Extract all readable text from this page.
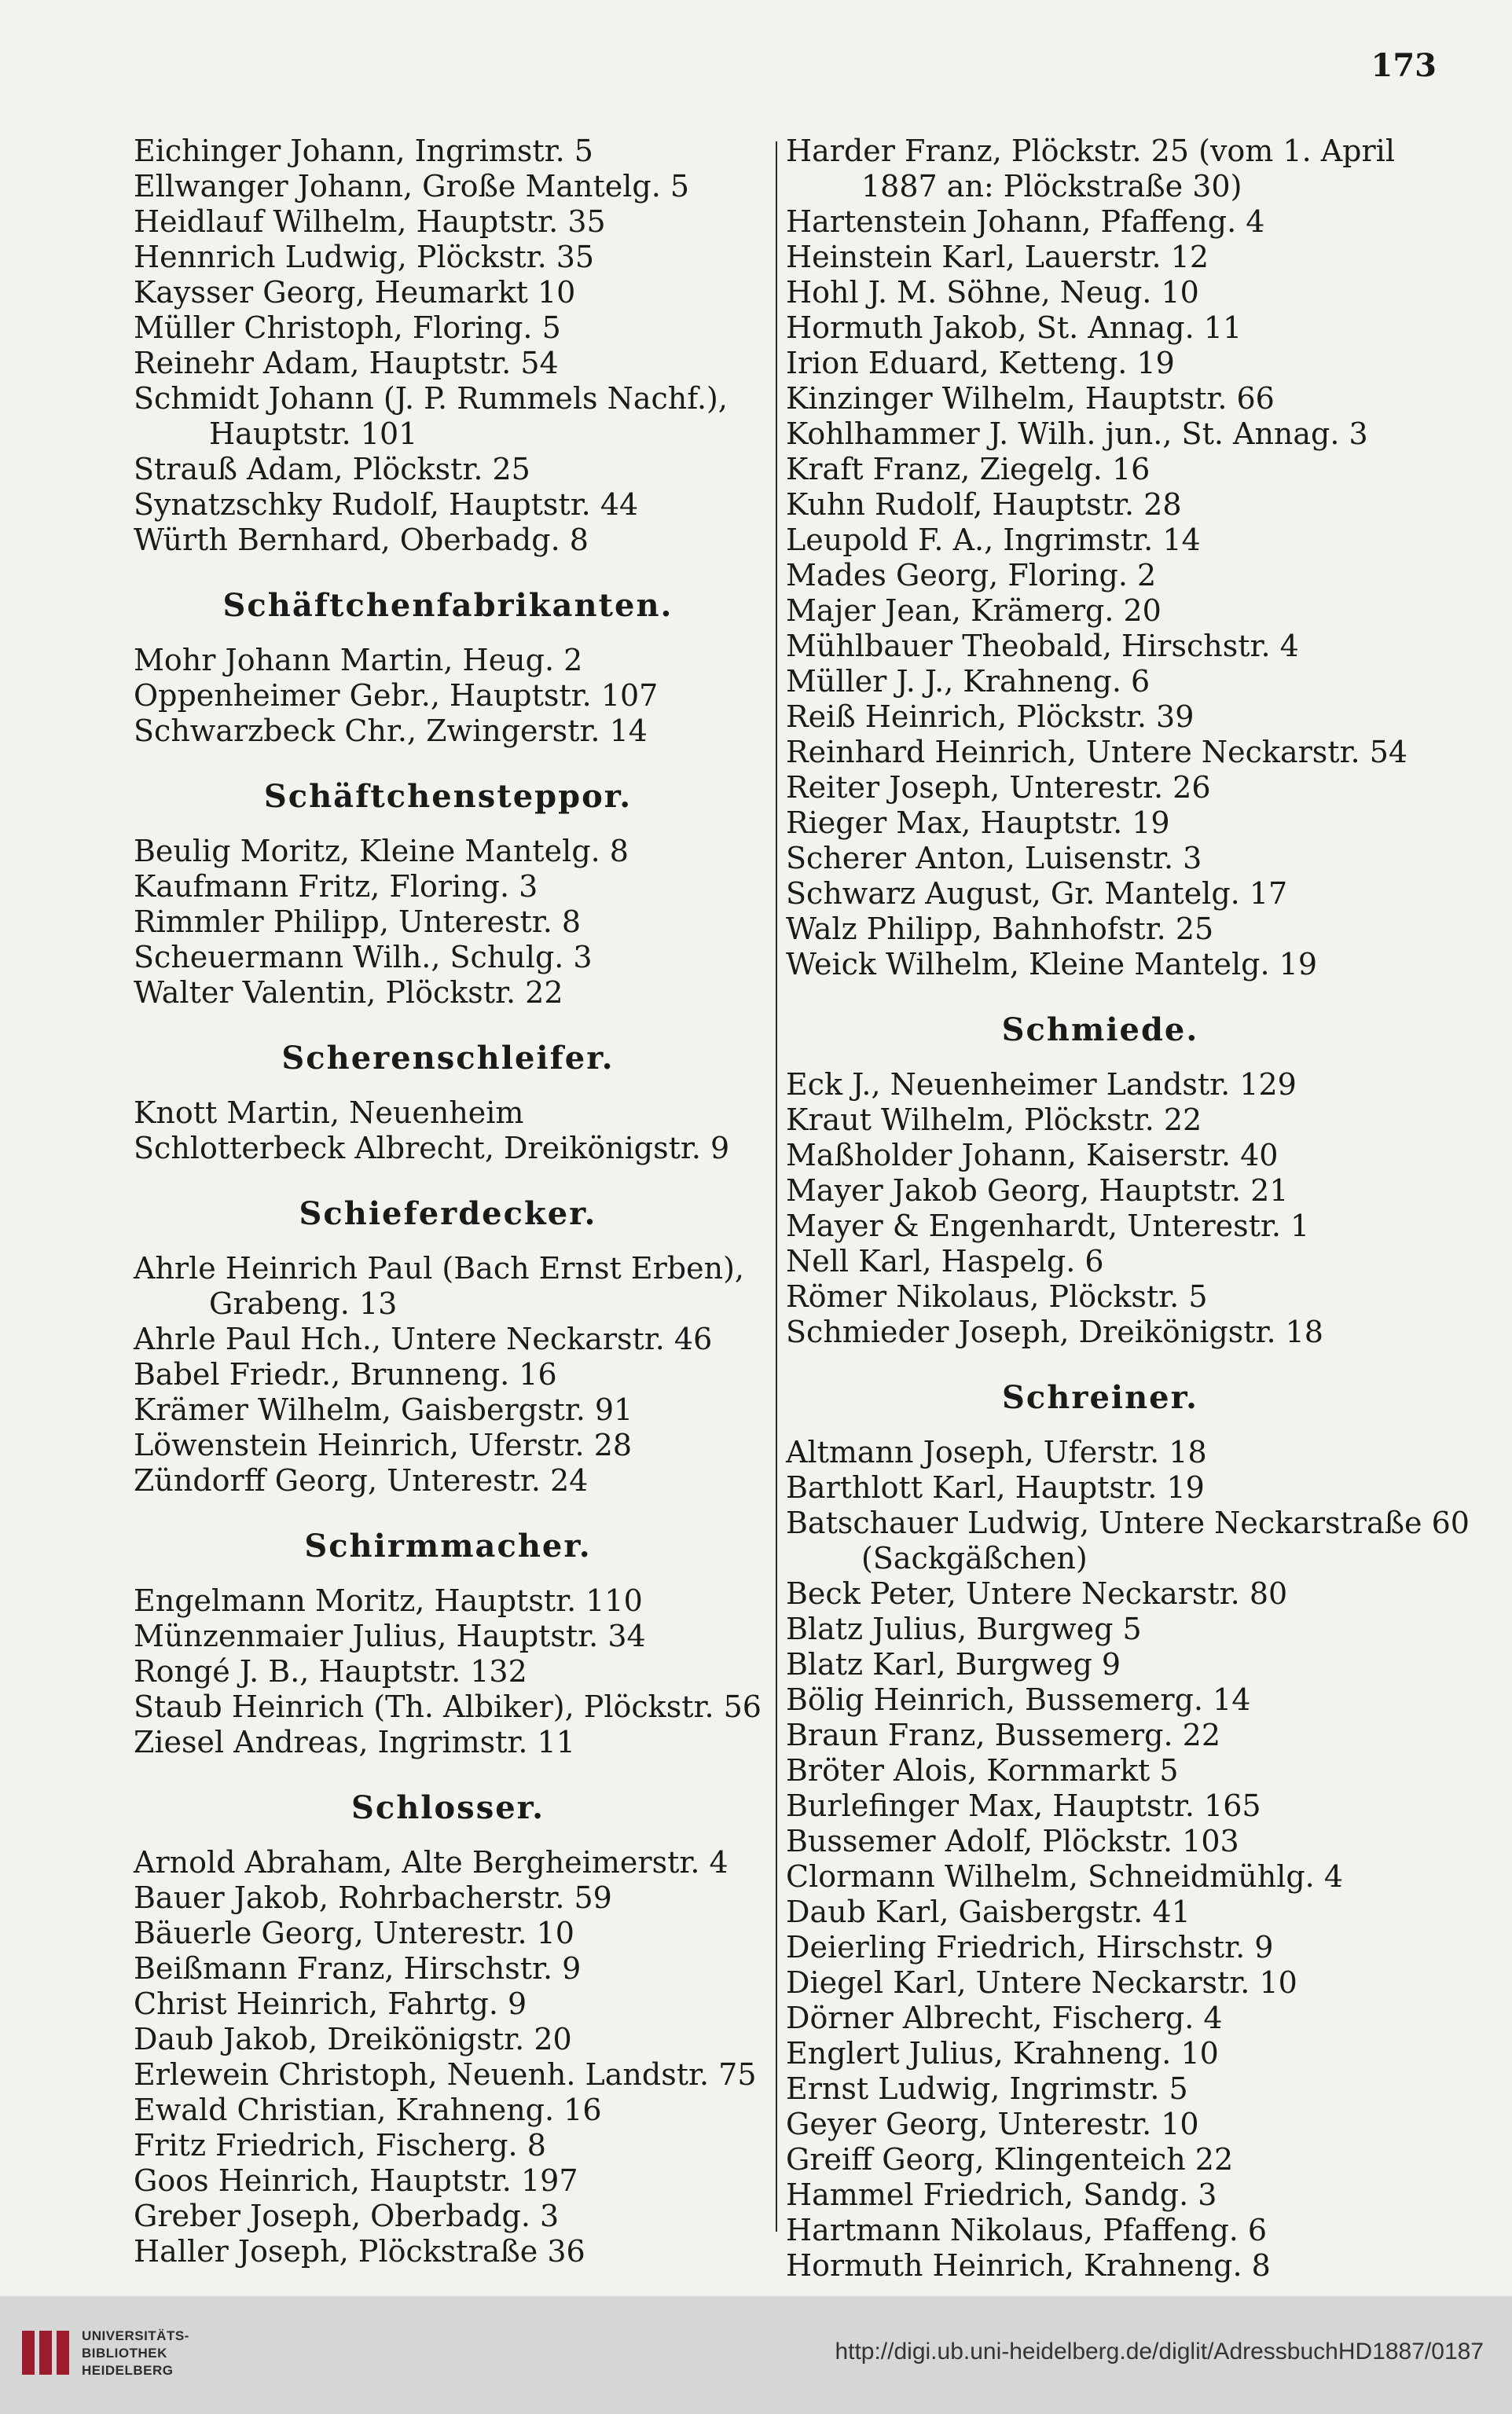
173
Eichinger Johann, Ingrimstr. 5
Ellwanger Johann, Große Mantelg. 5
Heidlauf Wilhelm, Hauptstr. 35
Hennrich Ludwig, Plöckstr. 35
Kaysser Georg, Heumarkt 10
Müller Christoph, Floring. 5
Reinehr Adam, Hauptstr. 54
Schmidt Johann (J. P. Rummels Nachf.),
Hauptstr. 101
Strauß Adam, Plöckstr. 25
Synatzschky Rudolf, Hauptstr. 44
Würth Bernhard, Oberbadg. 8
Schäftchenfabrikanten.
Mohr Johann Martin, Heug. 2
Oppenheimer Gebr., Hauptstr. 107
Schwarzbeck Chr., Zwingerstr. 14
Schäftchensteppor.
Beulig Moritz, Kleine Mantelg. 8
Kaufmann Fritz, Floring. 3
Rimmler Philipp, Unterestr. 8
Scheuermann Wilh., Schulg. 3
Walter Valentin, Plöckstr. 22
Scherenschleifer.
Knott Martin, Neuenheim
Schlotterbeck Albrecht, Dreikönigstr. 9
Schieferdecker.
Ahrle Heinrich Paul (Bach Ernst Erben),
Grabeng. 13
Ahrle Paul Hch., Untere Neckarstr. 46
Babel Friedr., Brunneng. 16
Krämer Wilhelm, Gaisbergstr. 91
Löwenstein Heinrich, Uferstr. 28
Zündorff Georg, Unterestr. 24
Schirmmacher.
Engelmann Moritz, Hauptstr. 110
Münzenmaier Julius, Hauptstr. 34
Rongé J. B., Hauptstr. 132
Staub Heinrich (Th. Albiker), Plöckstr. 56
Ziesel Andreas, Ingrimstr. 11
Schlosser.
Arnold Abraham, Alte Bergheimerstr. 4
Bauer Jakob, Rohrbacherstr. 59
Bäuerle Georg, Unterestr. 10
Beißmann Franz, Hirschstr. 9
Christ Heinrich, Fahrtg. 9
Daub Jakob, Dreikönigstr. 20
Erlewein Christoph, Neuenh. Landstr. 75
Ewald Christian, Krahneng. 16
Fritz Friedrich, Fischerg. 8
Goos Heinrich, Hauptstr. 197
Greber Joseph, Oberbadg. 3
Haller Joseph, Plöckstraße 36
Harder Franz, Plöckstr. 25 (vom 1. April
1887 an: Plöckstraße 30)
Hartenstein Johann, Pfaffeng. 4
Heinstein Karl, Lauerstr. 12
Hohl J. M. Söhne, Neug. 10
Hormuth Jakob, St. Annag. 11
Irion Eduard, Ketteng. 19
Kinzinger Wilhelm, Hauptstr. 66
Kohlhammer J. Wilh. jun., St. Annag. 3
Kraft Franz, Ziegelg. 16
Kuhn Rudolf, Hauptstr. 28
Leupold F. A., Ingrimstr. 14
Mades Georg, Floring. 2
Majer Jean, Krämerg. 20
Mühlbauer Theobald, Hirschstr. 4
Müller J. J., Krahneng. 6
Reiß Heinrich, Plöckstr. 39
Reinhard Heinrich, Untere Neckarstr. 54
Reiter Joseph, Unterestr. 26
Rieger Max, Hauptstr. 19
Scherer Anton, Luisenstr. 3
Schwarz August, Gr. Mantelg. 17
Walz Philipp, Bahnhofstr. 25
Weick Wilhelm, Kleine Mantelg. 19
Schmiede.
Eck J., Neuenheimer Landstr. 129
Kraut Wilhelm, Plöckstr. 22
Maßholder Johann, Kaiserstr. 40
Mayer Jakob Georg, Hauptstr. 21
Mayer & Engenhardt, Unterestr. 1
Nell Karl, Haspelg. 6
Römer Nikolaus, Plöckstr. 5
Schmieder Joseph, Dreikönigstr. 18
Schreiner.
Altmann Joseph, Uferstr. 18
Barthlott Karl, Hauptstr. 19
Batschauer Ludwig, Untere Neckarstraße 60
(Sackgäßchen)
Beck Peter, Untere Neckarstr. 80
Blatz Julius, Burgweg 5
Blatz Karl, Burgweg 9
Bölig Heinrich, Bussemerg. 14
Braun Franz, Bussemerg. 22
Bröter Alois, Kornmarkt 5
Burlefinger Max, Hauptstr. 165
Bussemer Adolf, Plöckstr. 103
Clormann Wilhelm, Schneidmühlg. 4
Daub Karl, Gaisbergstr. 41
Deierling Friedrich, Hirschstr. 9
Diegel Karl, Untere Neckarstr. 10
Dörner Albrecht, Fischerg. 4
Englert Julius, Krahneng. 10
Ernst Ludwig, Ingrimstr. 5
Geyer Georg, Unterestr. 10
Greiff Georg, Klingenteich 22
Hammel Friedrich, Sandg. 3
Hartmann Nikolaus, Pfaffeng. 6
Hormuth Heinrich, Krahneng. 8
UNIVERSITÄTS-
BIBLIOTHEK
HEIDELBERG
http://digi.ub.uni-heidelberg.de/diglit/AdressbuchHD1887/0187
